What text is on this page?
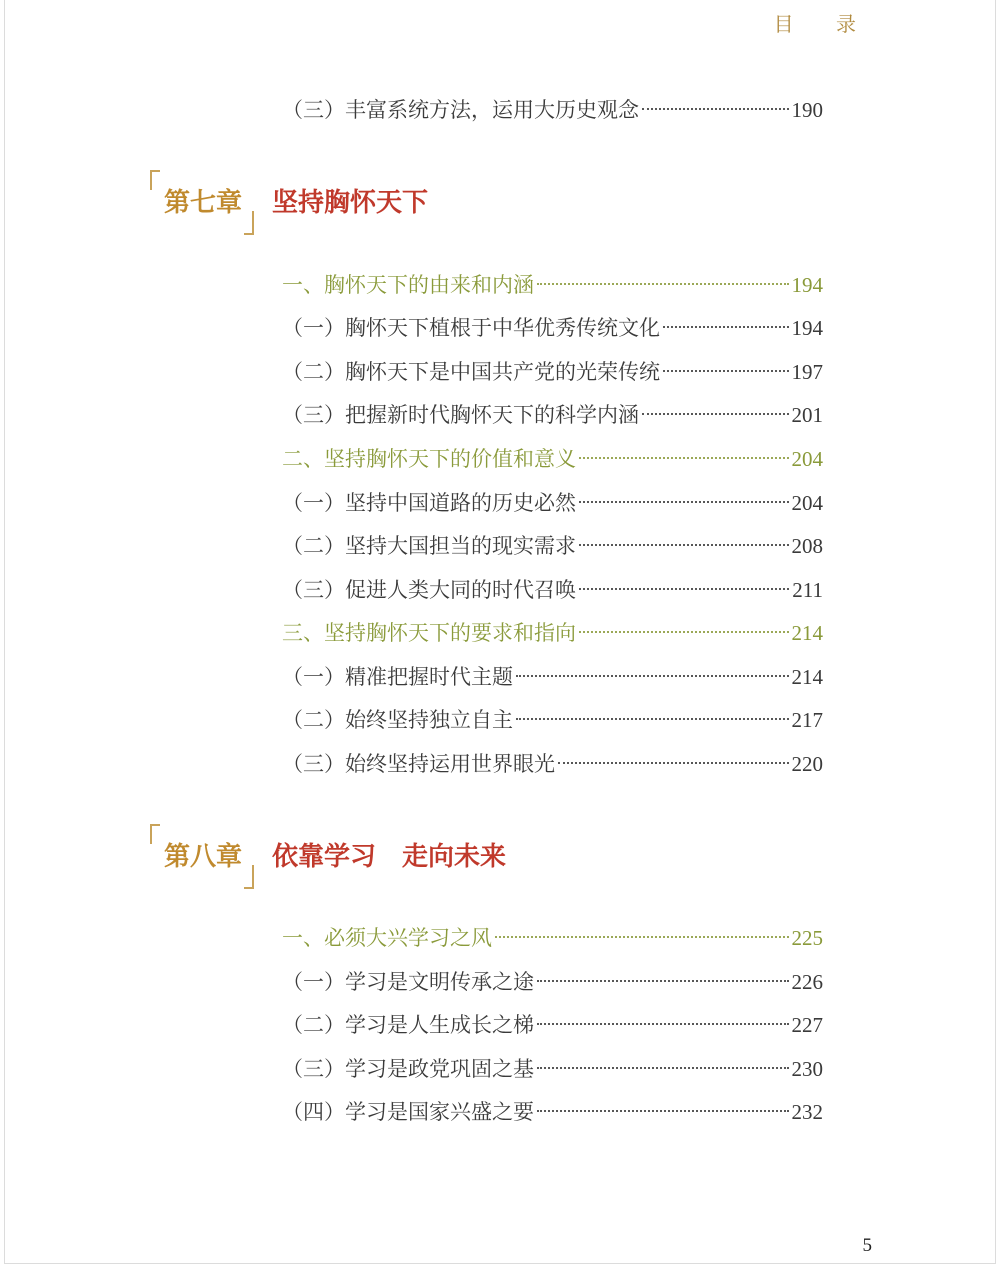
目 录
（三）丰富系统方法，运用大历史观念	190
第七章	坚持胸怀天下
一、胸怀天下的由来和内涵	194
（一）胸怀天下植根于中华优秀传统文化	194
（二）胸怀天下是中国共产党的光荣传统	197
（三）把握新时代胸怀天下的科学内涵	201
二、坚持胸怀天下的价值和意义	204
（一）坚持中国道路的历史必然	204
（二）坚持大国担当的现实需求	208
（三）促进人类大同的时代召唤	211
三、坚持胸怀天下的要求和指向	214
（一）精准把握时代主题	214
（二）始终坚持独立自主	217
（三）始终坚持运用世界眼光	220
第八章	依靠学习　走向未来
一、必须大兴学习之风	225
（一）学习是文明传承之途	226
（二）学习是人生成长之梯	227
（三）学习是政党巩固之基	230
（四）学习是国家兴盛之要	232
5
